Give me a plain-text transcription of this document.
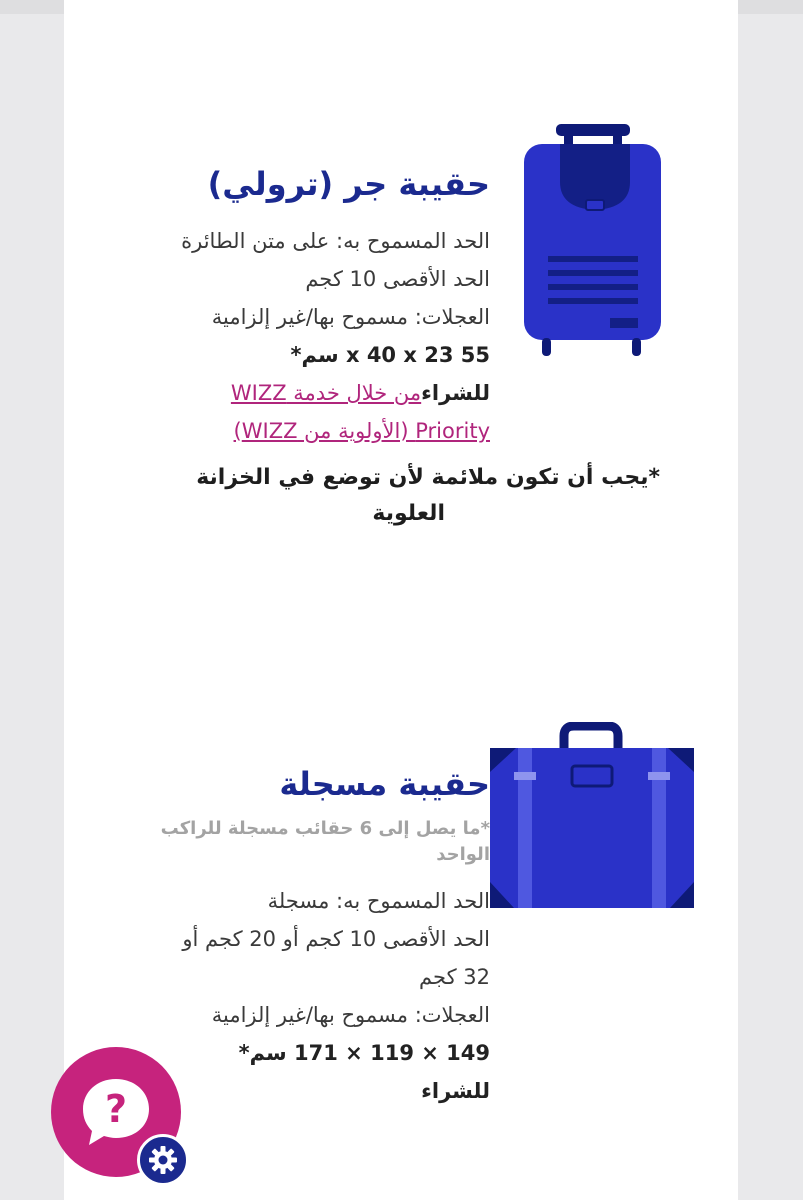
حقيبة جر (ترولي)
الحد المسموح به: على متن الطائرة
الحد الأقصى 10 كجم
العجلات: مسموح بها/غير إلزامية
55 x 40 x 23 سم*
للشراءمن خلال خدمة WIZZ
Priority (الأولوية من WIZZ)
*يجب أن تكون ملائمة لأن توضع في الخزانة
العلوية
حقيبة مسجلة
*ما يصل إلى 6 حقائب مسجلة للراكب
الواحد
الحد المسموح به: مسجلة
الحد الأقصى 10 كجم أو 20 كجم أو
32 كجم
العجلات: مسموح بها/غير إلزامية
149 × 119 × 171 سم*
للشراء
?
